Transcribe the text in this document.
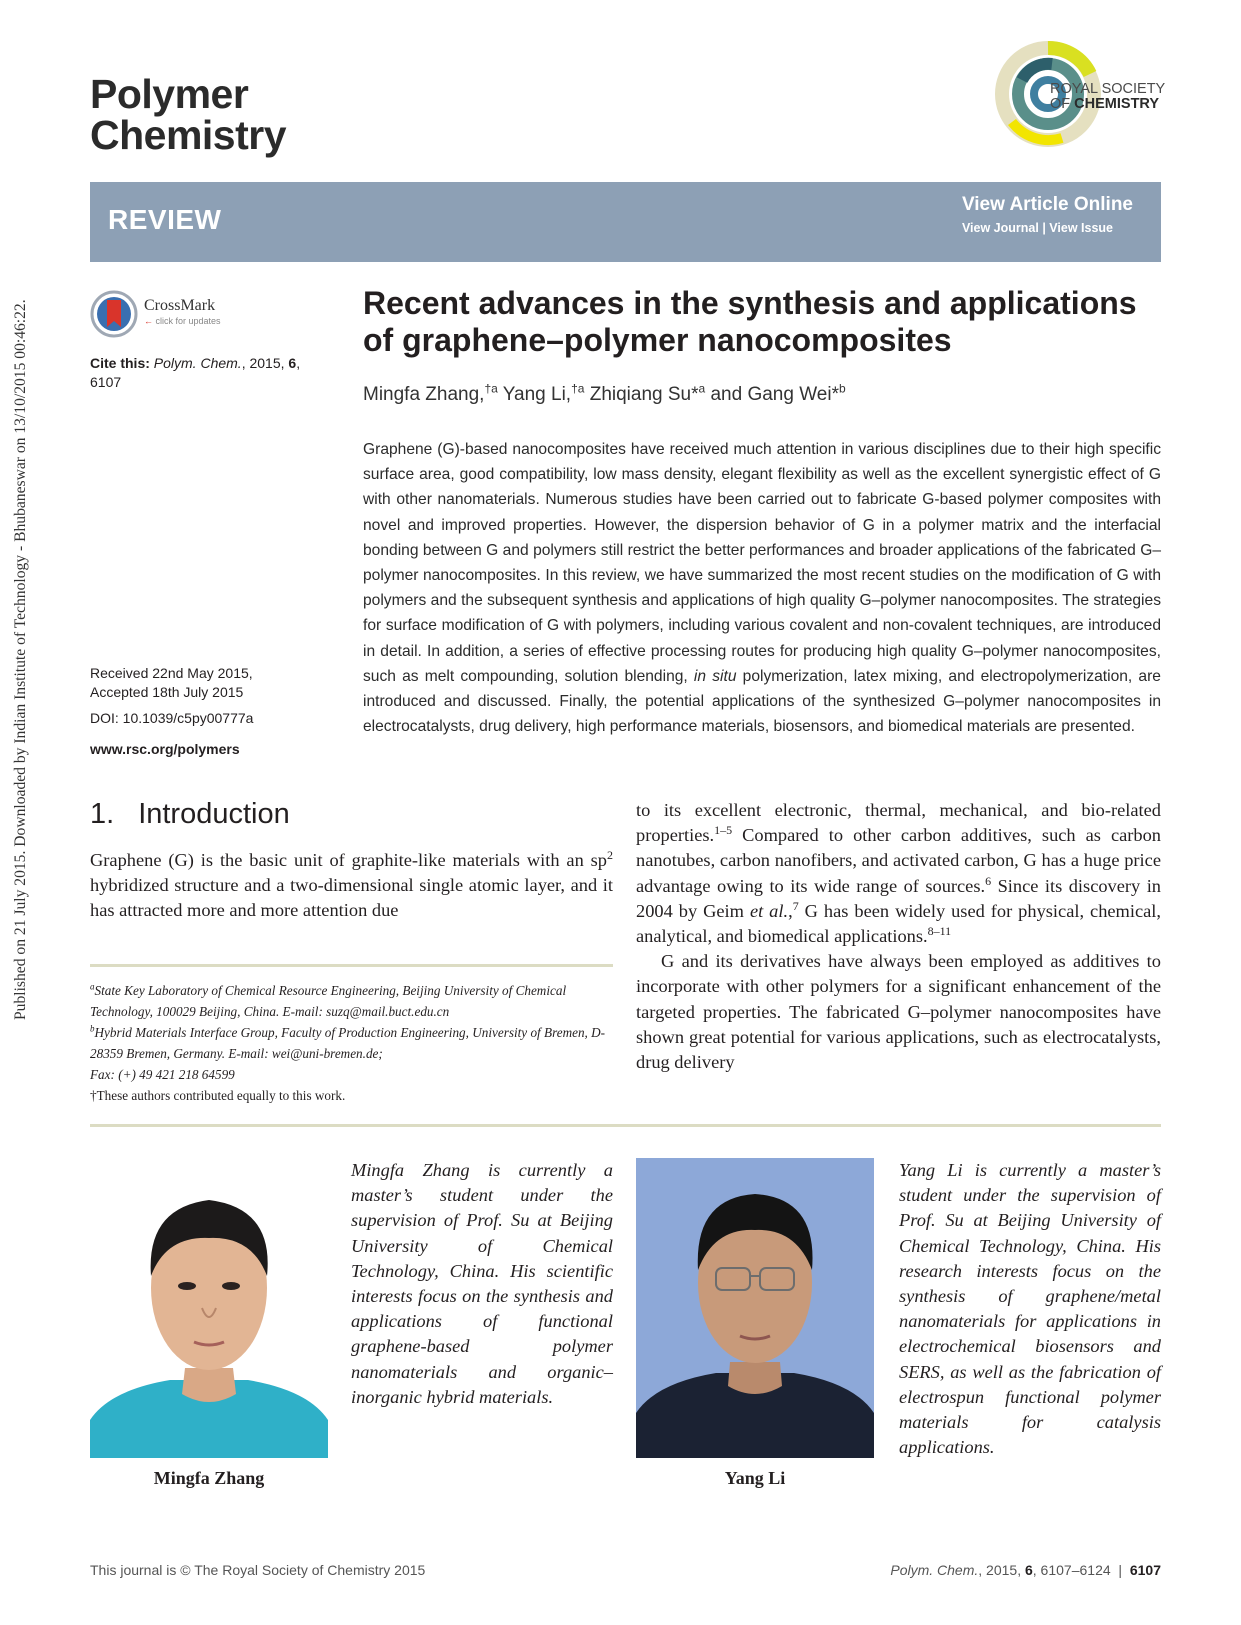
Published on 21 July 2015. Downloaded by Indian Institute of Technology - Bhubaneswar on 13/10/2015 00:46:22.
Polymer
Chemistry
ROYAL SOCIETY
OF CHEMISTRY
REVIEW	View Article Online
View Journal | View Issue
CrossMark
← click for updates
Cite this: Polym. Chem., 2015, 6,
6107
Received 22nd May 2015,
Accepted 18th July 2015
DOI: 10.1039/c5py00777a
www.rsc.org/polymers
Recent advances in the synthesis and applications of graphene–polymer nanocomposites
Mingfa Zhang,$^{\dagger a}$ Yang Li,$^{\dagger a}$ Zhiqiang Su*$^a$ and Gang Wei*$^b$
Graphene (G)-based nanocomposites have received much attention in various disciplines due to their high specific surface area, good compatibility, low mass density, elegant flexibility as well as the excellent synergistic effect of G with other nanomaterials. Numerous studies have been carried out to fabricate G-based polymer composites with novel and improved properties. However, the dispersion behavior of G in a polymer matrix and the interfacial bonding between G and polymers still restrict the better performances and broader applications of the fabricated G–polymer nanocomposites. In this review, we have summarized the most recent studies on the modification of G with polymers and the subsequent synthesis and applications of high quality G–polymer nanocomposites. The strategies for surface modification of G with polymers, including various covalent and non-covalent techniques, are introduced in detail. In addition, a series of effective processing routes for producing high quality G–polymer nanocomposites, such as melt compounding, solution blending, in situ polymerization, latex mixing, and electropolymerization, are introduced and discussed. Finally, the potential applications of the synthesized G–polymer nanocomposites in electrocatalysts, drug delivery, high performance materials, biosensors, and biomedical materials are presented.
1. Introduction
Graphene (G) is the basic unit of graphite-like materials with an $sp^2$ hybridized structure and a two-dimensional single atomic layer, and it has attracted more and more attention due

to its excellent electronic, thermal, mechanical, and bio-related properties.$^{1-5}$ Compared to other carbon additives, such as carbon nanotubes, carbon nanofibers, and activated carbon, G has a huge price advantage owing to its wide range of sources.$^6$ Since its discovery in 2004 by Geim et al.,$^7$ G has been widely used for physical, chemical, analytical, and biomedical applications.$^{8-11}$

G and its derivatives have always been employed as additives to incorporate with other polymers for a significant enhancement of the targeted properties. The fabricated G–polymer nanocomposites have shown great potential for various applications, such as electrocatalysts, drug delivery

$^a$State Key Laboratory of Chemical Resource Engineering, Beijing University of Chemical Technology, 100029 Beijing, China. E-mail: suzq@mail.buct.edu.cn

$^b$Hybrid Materials Interface Group, Faculty of Production Engineering, University of Bremen, D-28359 Bremen, Germany. E-mail: wei@uni-bremen.de;

Fax: (+) 49 421 218 64599

†These authors contributed equally to this work.

Mingfa Zhang
Mingfa Zhang is currently a master’s student under the supervision of Prof. Su at Beijing University of Chemical Technology, China. His scientific interests focus on the synthesis and applications of functional graphene-based polymer nanomaterials and organic–inorganic hybrid materials.
Yang Li
Yang Li is currently a master’s student under the supervision of Prof. Su at Beijing University of Chemical Technology, China. His research interests focus on the synthesis of graphene/metal nanomaterials for applications in electrochemical biosensors and SERS, as well as the fabrication of electrospun functional polymer materials for catalysis applications.
This journal is © The Royal Society of Chemistry 2015	Polym. Chem., 2015, 6, 6107–6124 | 6107
